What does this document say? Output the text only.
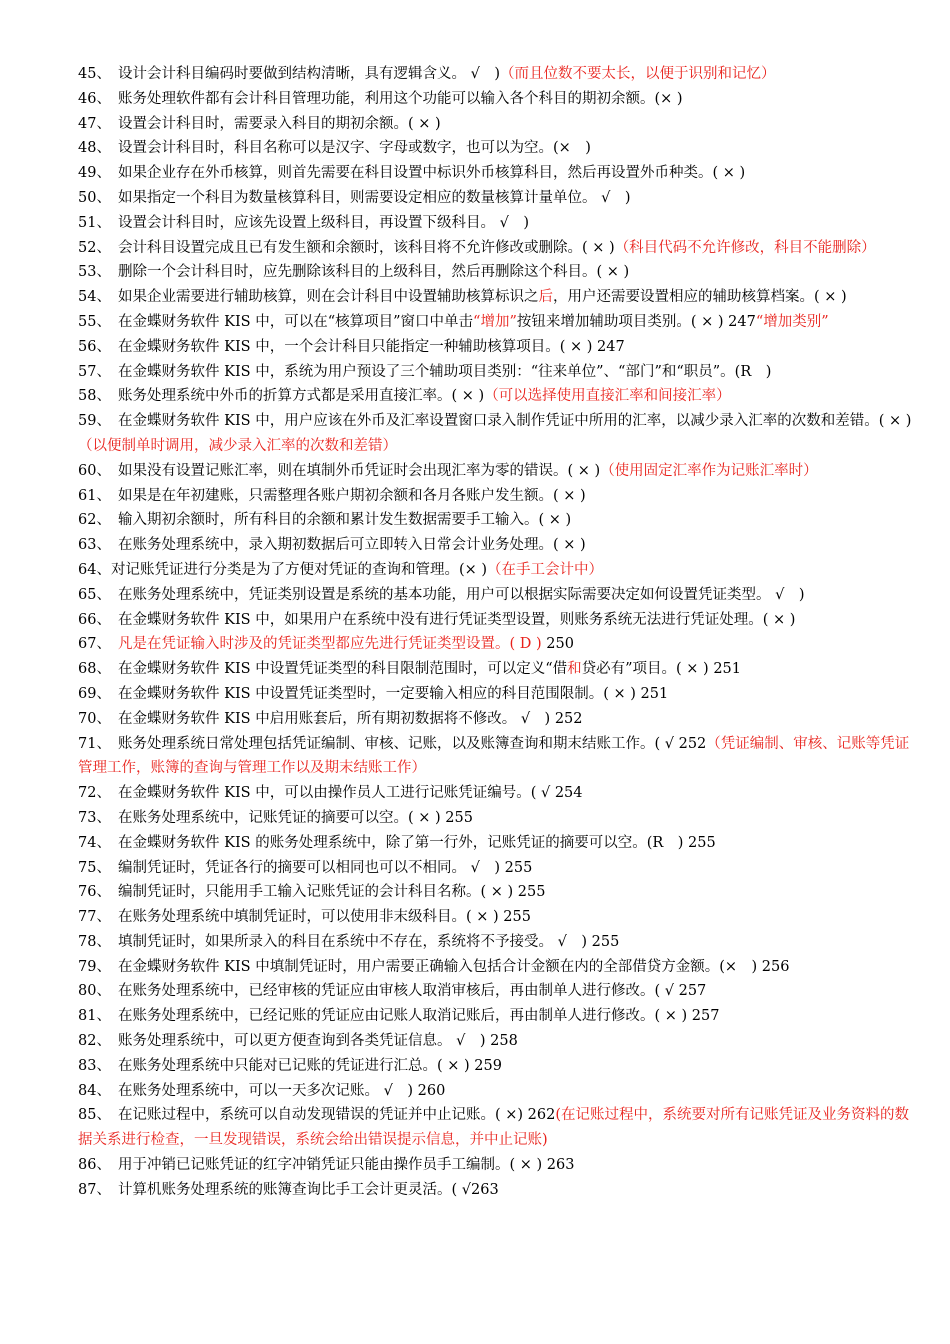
45、 设计会计科目编码时要做到结构清晰，具有逻辑含义。 √　)（而且位数不要太长，以便于识别和记忆）

46、 账务处理软件都有会计科目管理功能，利用这个功能可以输入各个科目的期初余额。(× )

47、 设置会计科目时，需要录入科目的期初余额。( × )

48、 设置会计科目时，科目名称可以是汉字、字母或数字，也可以为空。(×　)

49、 如果企业存在外币核算，则首先需要在科目设置中标识外币核算科目，然后再设置外币种类。( × )

50、 如果指定一个科目为数量核算科目，则需要设定相应的数量核算计量单位。 √　)

51、 设置会计科目时，应该先设置上级科目，再设置下级科目。 √　)

52、 会计科目设置完成且已有发生额和余额时，该科目将不允许修改或删除。( × )（科目代码不允许修改，科目不能删除）

53、 删除一个会计科目时，应先删除该科目的上级科目，然后再删除这个科目。( × )

54、 如果企业需要进行辅助核算，则在会计科目中设置辅助核算标识之后，用户还需要设置相应的辅助核算档案。( × )

55、 在金蝶财务软件 KIS 中，可以在“核算项目”窗口中单击“增加”按钮来增加辅助项目类别。( × ) 247“增加类别”

56、 在金蝶财务软件 KIS 中，一个会计科目只能指定一种辅助核算项目。( × ) 247

57、 在金蝶财务软件 KIS 中，系统为用户预设了三个辅助项目类别：“往来单位”、“部门”和“职员”。(R　)

58、 账务处理系统中外币的折算方式都是采用直接汇率。( × )（可以选择使用直接汇率和间接汇率）

59、 在金蝶财务软件 KIS 中，用户应该在外币及汇率设置窗口录入制作凭证中所用的汇率，以减少录入汇率的次数和差错。( × )（以便制单时调用，减少录入汇率的次数和差错）

60、 如果没有设置记账汇率，则在填制外币凭证时会出现汇率为零的错误。( × )（使用固定汇率作为记账汇率时）

61、 如果是在年初建账，只需整理各账户期初余额和各月各账户发生额。( × )

62、 输入期初余额时，所有科目的余额和累计发生数据需要手工输入。( × )

63、 在账务处理系统中，录入期初数据后可立即转入日常会计业务处理。( × )

64、对记账凭证进行分类是为了方便对凭证的查询和管理。(× )（在手工会计中）

65、 在账务处理系统中，凭证类别设置是系统的基本功能，用户可以根据实际需要决定如何设置凭证类型。 √　)

66、 在金蝶财务软件 KIS 中，如果用户在系统中没有进行凭证类型设置，则账务系统无法进行凭证处理。( × )

67、 凡是在凭证输入时涉及的凭证类型都应先进行凭证类型设置。( D ) 250

68、 在金蝶财务软件 KIS 中设置凭证类型的科目限制范围时，可以定义“借和贷必有”项目。( × ) 251

69、 在金蝶财务软件 KIS 中设置凭证类型时，一定要输入相应的科目范围限制。( × ) 251

70、 在金蝶财务软件 KIS 中启用账套后，所有期初数据将不修改。 √　) 252

71、 账务处理系统日常处理包括凭证编制、审核、记账，以及账簿查询和期末结账工作。( √ 252（凭证编制、审核、记账等凭证管理工作，账簿的查询与管理工作以及期末结账工作）

72、 在金蝶财务软件 KIS 中，可以由操作员人工进行记账凭证编号。( √ 254

73、 在账务处理系统中，记账凭证的摘要可以空。( × ) 255

74、 在金蝶财务软件 KIS 的账务处理系统中，除了第一行外，记账凭证的摘要可以空。(R　) 255

75、 编制凭证时，凭证各行的摘要可以相同也可以不相同。 √　) 255

76、 编制凭证时，只能用手工输入记账凭证的会计科目名称。( × ) 255

77、 在账务处理系统中填制凭证时，可以使用非末级科目。( × ) 255

78、 填制凭证时，如果所录入的科目在系统中不存在，系统将不予接受。 √　) 255

79、 在金蝶财务软件 KIS 中填制凭证时，用户需要正确输入包括合计金额在内的全部借贷方金额。(×　) 256

80、 在账务处理系统中，已经审核的凭证应由审核人取消审核后，再由制单人进行修改。( √ 257

81、 在账务处理系统中，已经记账的凭证应由记账人取消记账后，再由制单人进行修改。( × ) 257

82、 账务处理系统中，可以更方便查询到各类凭证信息。 √　) 258

83、 在账务处理系统中只能对已记账的凭证进行汇总。( × ) 259

84、 在账务处理系统中，可以一天多次记账。 √　) 260

85、 在记账过程中，系统可以自动发现错误的凭证并中止记账。( ×) 262(在记账过程中，系统要对所有记账凭证及业务资料的数据关系进行检查，一旦发现错误，系统会给出错误提示信息，并中止记账)

86、 用于冲销已记账凭证的红字冲销凭证只能由操作员手工编制。( × ) 263

87、 计算机账务处理系统的账簿查询比手工会计更灵活。( √263
